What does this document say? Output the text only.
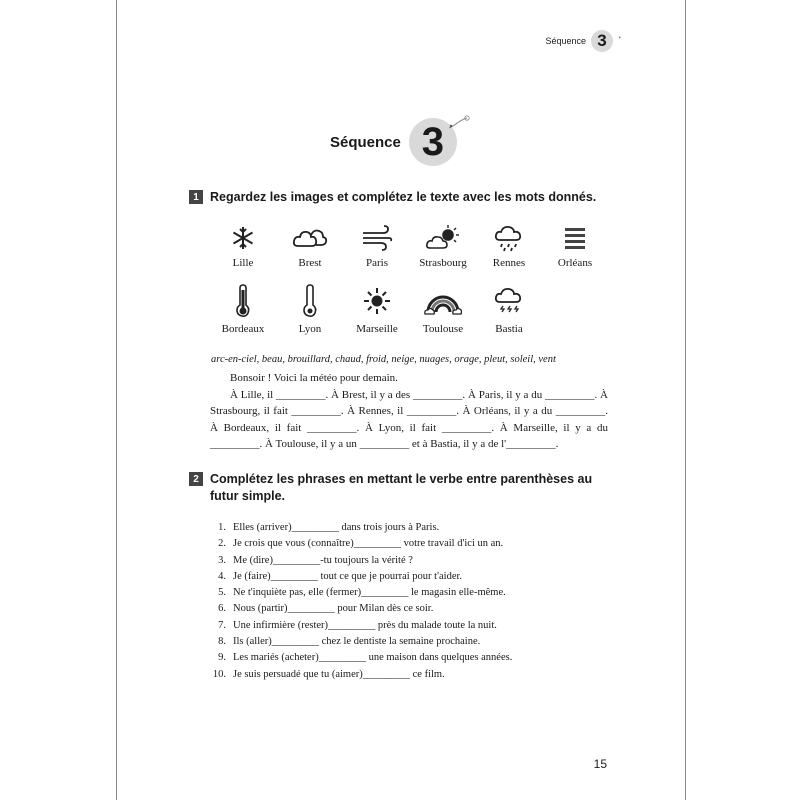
Séquence 3	•
Séquence 3
1 Regardez les images et complétez le texte avec les mots donnés.
Lille	Brest	Paris	Strasbourg	Rennes	Orléans
Bordeaux	Lyon	Marseille	Toulouse	Bastia
arc-en-ciel, beau, brouillard, chaud, froid, neige, nuages, orage, pleut, soleil, vent

Bonsoir ! Voici la météo pour demain.

À Lille, il _________. À Brest, il y a des _________. À Paris, il y a du _________. À Strasbourg, il fait _________. À Rennes, il _________. À Orléans, il y a du _________. À Bordeaux, il fait _________. À Lyon, il fait _________. À Marseille, il y a du _________. À Toulouse, il y a un _________ et à Bastia, il y a de l'_________.

2 Complétez les phrases en mettant le verbe entre parenthèses au futur simple.
1. Elles (arriver)_________ dans trois jours à Paris.
2. Je crois que vous (connaître)_________ votre travail d'ici un an.
3. Me (dire)_________-tu toujours la vérité ?
4. Je (faire)_________ tout ce que je pourrai pour t'aider.
5. Ne t'inquiète pas, elle (fermer)_________ le magasin elle-même.
6. Nous (partir)_________ pour Milan dès ce soir.
7. Une infirmière (rester)_________ près du malade toute la nuit.
8. Ils (aller)_________ chez le dentiste la semaine prochaine.
9. Les mariés (acheter)_________ une maison dans quelques années.
10. Je suis persuadé que tu (aimer)_________ ce film.
15
